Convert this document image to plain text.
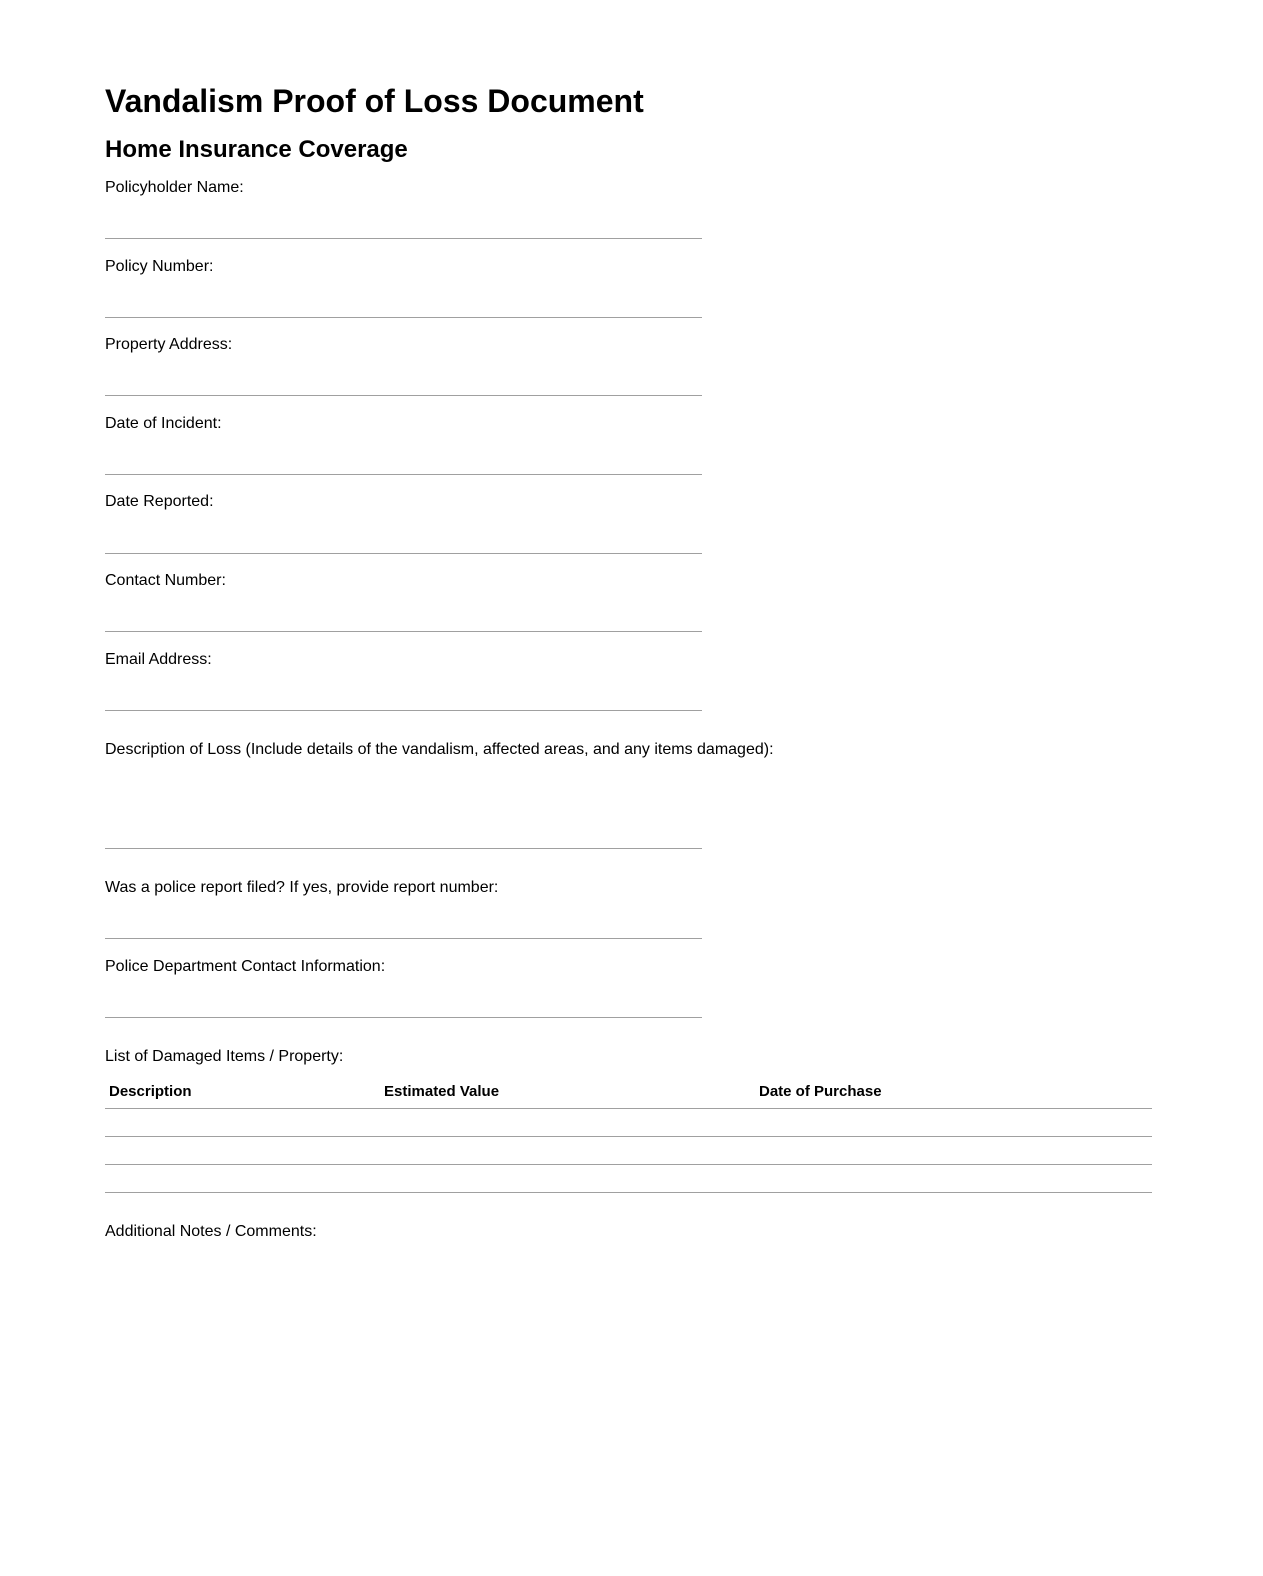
Vandalism Proof of Loss Document
Home Insurance Coverage
Policyholder Name:
Policy Number:
Property Address:
Date of Incident:
Date Reported:
Contact Number:
Email Address:
Description of Loss (Include details of the vandalism, affected areas, and any items damaged):
Was a police report filed? If yes, provide report number:
Police Department Contact Information:
List of Damaged Items / Property:
Description	Estimated Value	Date of Purchase
Additional Notes / Comments:
